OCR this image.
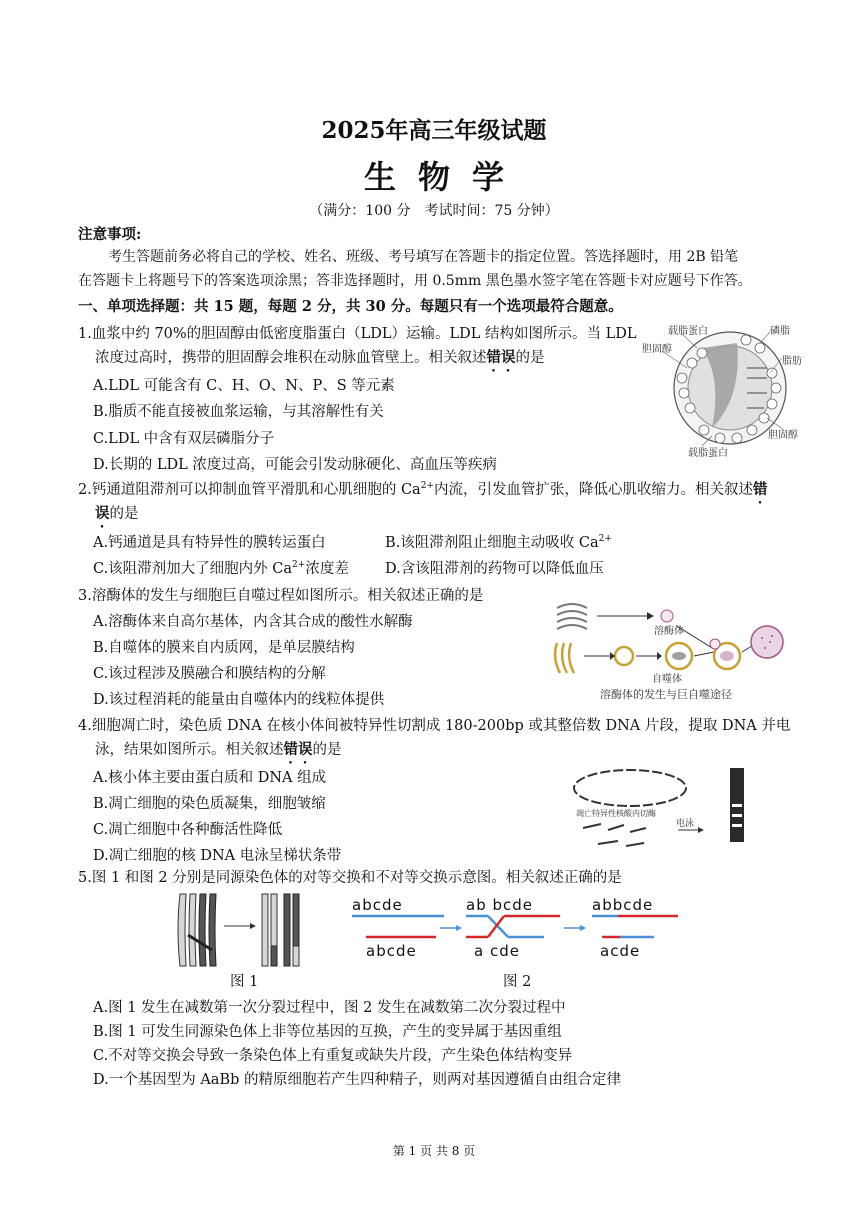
2025年高三年级试题
生物学
（满分：100 分　考试时间：75 分钟）
注意事项:
考生答题前务必将自己的学校、姓名、班级、考号填写在答题卡的指定位置。答选择题时，用 2B 铅笔
在答题卡上将题号下的答案选项涂黑；答非选择题时，用 0.5mm 黑色墨水签字笔在答题卡对应题号下作答。
一、单项选择题：共 15 题，每题 2 分，共 30 分。每题只有一个选项最符合题意。
1.血浆中约 70%的胆固醇由低密度脂蛋白（LDL）运输。LDL 结构如图所示。当 LDL
浓度过高时，携带的胆固醇会堆积在动脉血管壁上。相关叙述错误的是
A.LDL 可能含有 C、H、O、N、P、S 等元素
B.脂质不能直接被血浆运输，与其溶解性有关
C.LDL 中含有双层磷脂分子
D.长期的 LDL 浓度过高，可能会引发动脉硬化、高血压等疾病
载脂蛋白	磷脂
胆固醇
脂肪
胆固醇
载脂蛋白
2.钙通道阻滞剂可以抑制血管平滑肌和心肌细胞的 $Ca^{2+}$内流，引发血管扩张，降低心肌收缩力。相关叙述错
误的是
A.钙通道是具有特异性的膜转运蛋白	B.该阻滞剂阻止细胞主动吸收 $Ca^{2+}$
C.该阻滞剂加大了细胞内外 $Ca^{2+}$浓度差 D.含该阻滞剂的药物可以降低血压
3.溶酶体的发生与细胞巨自噬过程如图所示。相关叙述正确的是
A.溶酶体来自高尔基体，内含其合成的酸性水解酶
B.自噬体的膜来自内质网，是单层膜结构
C.该过程涉及膜融合和膜结构的分解
D.该过程消耗的能量由自噬体内的线粒体提供
溶酶体
自噬体
溶酶体的发生与巨自噬途径
4.细胞凋亡时，染色质 DNA 在核小体间被特异性切割成 180-200bp 或其整倍数 DNA 片段，提取 DNA 并电
泳，结果如图所示。相关叙述错误的是
A.核小体主要由蛋白质和 DNA 组成
B.凋亡细胞的染色质凝集，细胞皱缩
C.凋亡细胞中各种酶活性降低
D.凋亡细胞的核 DNA 电泳呈梯状条带
凋亡特异性核酸内切酶
电泳
5.图 1 和图 2 分别是同源染色体的对等交换和不对等交换示意图。相关叙述正确的是
图 1
abcde
abcde
ab bcde
a cde
abbcde
acde
图 2
A.图 1 发生在减数第一次分裂过程中，图 2 发生在减数第二次分裂过程中
B.图 1 可发生同源染色体上非等位基因的互换，产生的变异属于基因重组
C.不对等交换会导致一条染色体上有重复或缺失片段，产生染色体结构变异
D.一个基因型为 AaBb 的精原细胞若产生四种精子，则两对基因遵循自由组合定律
第 1 页 共 8 页
